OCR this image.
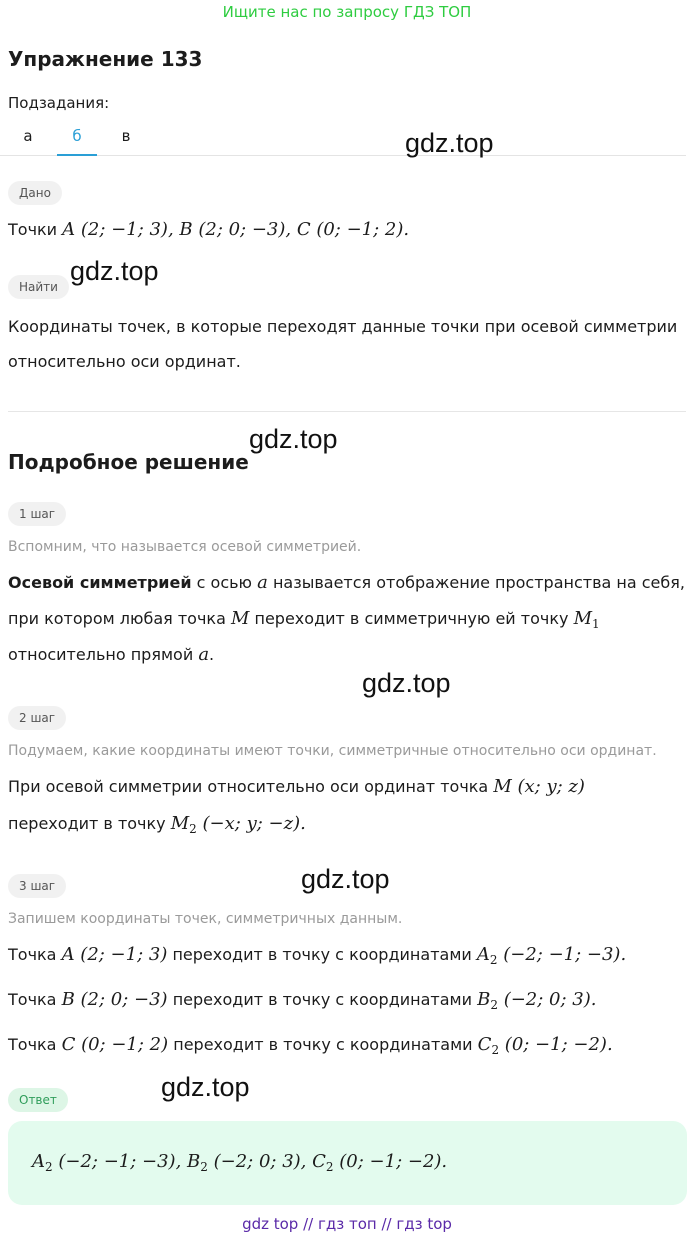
Ищите нас по запросу ГДЗ ТОП
Упражнение 133
Подзадания:
а	б	в	gdz.top
Дано
Точки A (2; −1; 3), B (2; 0; −3), C (0; −1; 2).
gdz.top
Найти
Координаты точек, в которые переходят данные точки при осевой симметрии
относительно оси ординат.
gdz.top
Подробное решение
1 шаг
Вспомним, что называется осевой симметрией.
Осевой симметрией с осью a называется отображение пространства на себя,
при котором любая точка M переходит в симметричную ей точку $M_1$
относительно прямой a.
gdz.top
2 шаг
Подумаем, какие координаты имеют точки, симметричные относительно оси ординат.
При осевой симметрии относительно оси ординат точка M (x; y; z)
переходит в точку $M_2$ (−x; y; −z).
gdz.top
3 шаг
Запишем координаты точек, симметричных данным.
Точка A (2; −1; 3) переходит в точку с координатами $A_2$ (−2; −1; −3).
Точка B (2; 0; −3) переходит в точку с координатами $B_2$ (−2; 0; 3).
Точка C (0; −1; 2) переходит в точку с координатами $C_2$ (0; −1; −2).
gdz.top
Ответ
$A_2$ (−2; −1; −3), $B_2$ (−2; 0; 3), $C_2$ (0; −1; −2).
gdz top // гдз топ // гдз top
